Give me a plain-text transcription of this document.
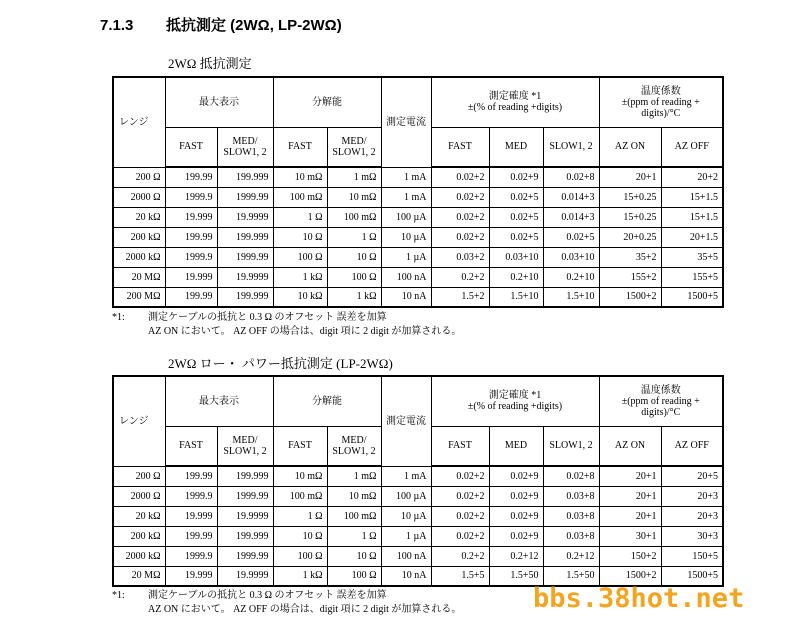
7.1.3 抵抗測定 (2WΩ, LP-2WΩ)
2WΩ 抵抗測定
レンジ	最大表示		分解能		測定電流	測定確度 *1
±(% of reading +digits)			温度係数
±(ppm of reading +
digits)/°C	
	FAST	MED/
SLOW1, 2	FAST	MED/
SLOW1, 2		FAST	MED	SLOW1, 2	AZ ON	AZ OFF
200 Ω	199.99	199.999	10 mΩ	1 mΩ	1 mA	0.02+2	0.02+9	0.02+8	20+1	20+2
2000 Ω	1999.9	1999.99	100 mΩ	10 mΩ	1 mA	0.02+2	0.02+5	0.014+3	15+0.25	15+1.5
20 kΩ	19.999	19.9999	1 Ω	100 mΩ	100 µA	0.02+2	0.02+5	0.014+3	15+0.25	15+1.5
200 kΩ	199.99	199.999	10 Ω	1 Ω	10 µA	0.02+2	0.02+5	0.02+5	20+0.25	20+1.5
2000 kΩ	1999.9	1999.99	100 Ω	10 Ω	1 µA	0.03+2	0.03+10	0.03+10	35+2	35+5
20 MΩ	19.999	19.9999	1 kΩ	100 Ω	100 nA	0.2+2	0.2+10	0.2+10	155+2	155+5
200 MΩ	199.99	199.999	10 kΩ	1 kΩ	10 nA	1.5+2	1.5+10	1.5+10	1500+2	1500+5
*1: 測定ケーブルの抵抗と 0.3 Ω のオフセット 誤差を加算
AZ ON において。 AZ OFF の場合は、digit 項に 2 digit が加算される。
2WΩ ロー・ パワー抵抗測定 (LP-2WΩ)
レンジ	最大表示		分解能		測定電流	測定確度 *1
±(% of reading +digits)			温度係数
±(ppm of reading +
digits)/°C	
	FAST	MED/
SLOW1, 2	FAST	MED/
SLOW1, 2		FAST	MED	SLOW1, 2	AZ ON	AZ OFF
200 Ω	199.99	199.999	10 mΩ	1 mΩ	1 mA	0.02+2	0.02+9	0.02+8	20+1	20+5
2000 Ω	1999.9	1999.99	100 mΩ	10 mΩ	100 µA	0.02+2	0.02+9	0.03+8	20+1	20+3
20 kΩ	19.999	19.9999	1 Ω	100 mΩ	10 µA	0.02+2	0.02+9	0.03+8	20+1	20+3
200 kΩ	199.99	199.999	10 Ω	1 Ω	1 µA	0.02+2	0.02+9	0.03+8	30+1	30+3
2000 kΩ	1999.9	1999.99	100 Ω	10 Ω	100 nA	0.2+2	0.2+12	0.2+12	150+2	150+5
20 MΩ	19.999	19.9999	1 kΩ	100 Ω	10 nA	1.5+5	1.5+50	1.5+50	1500+2	1500+5
*1: 測定ケーブルの抵抗と 0.3 Ω のオフセット 誤差を加算
AZ ON において。 AZ OFF の場合は、digit 項に 2 digit が加算される。	bbs.38hot.net
